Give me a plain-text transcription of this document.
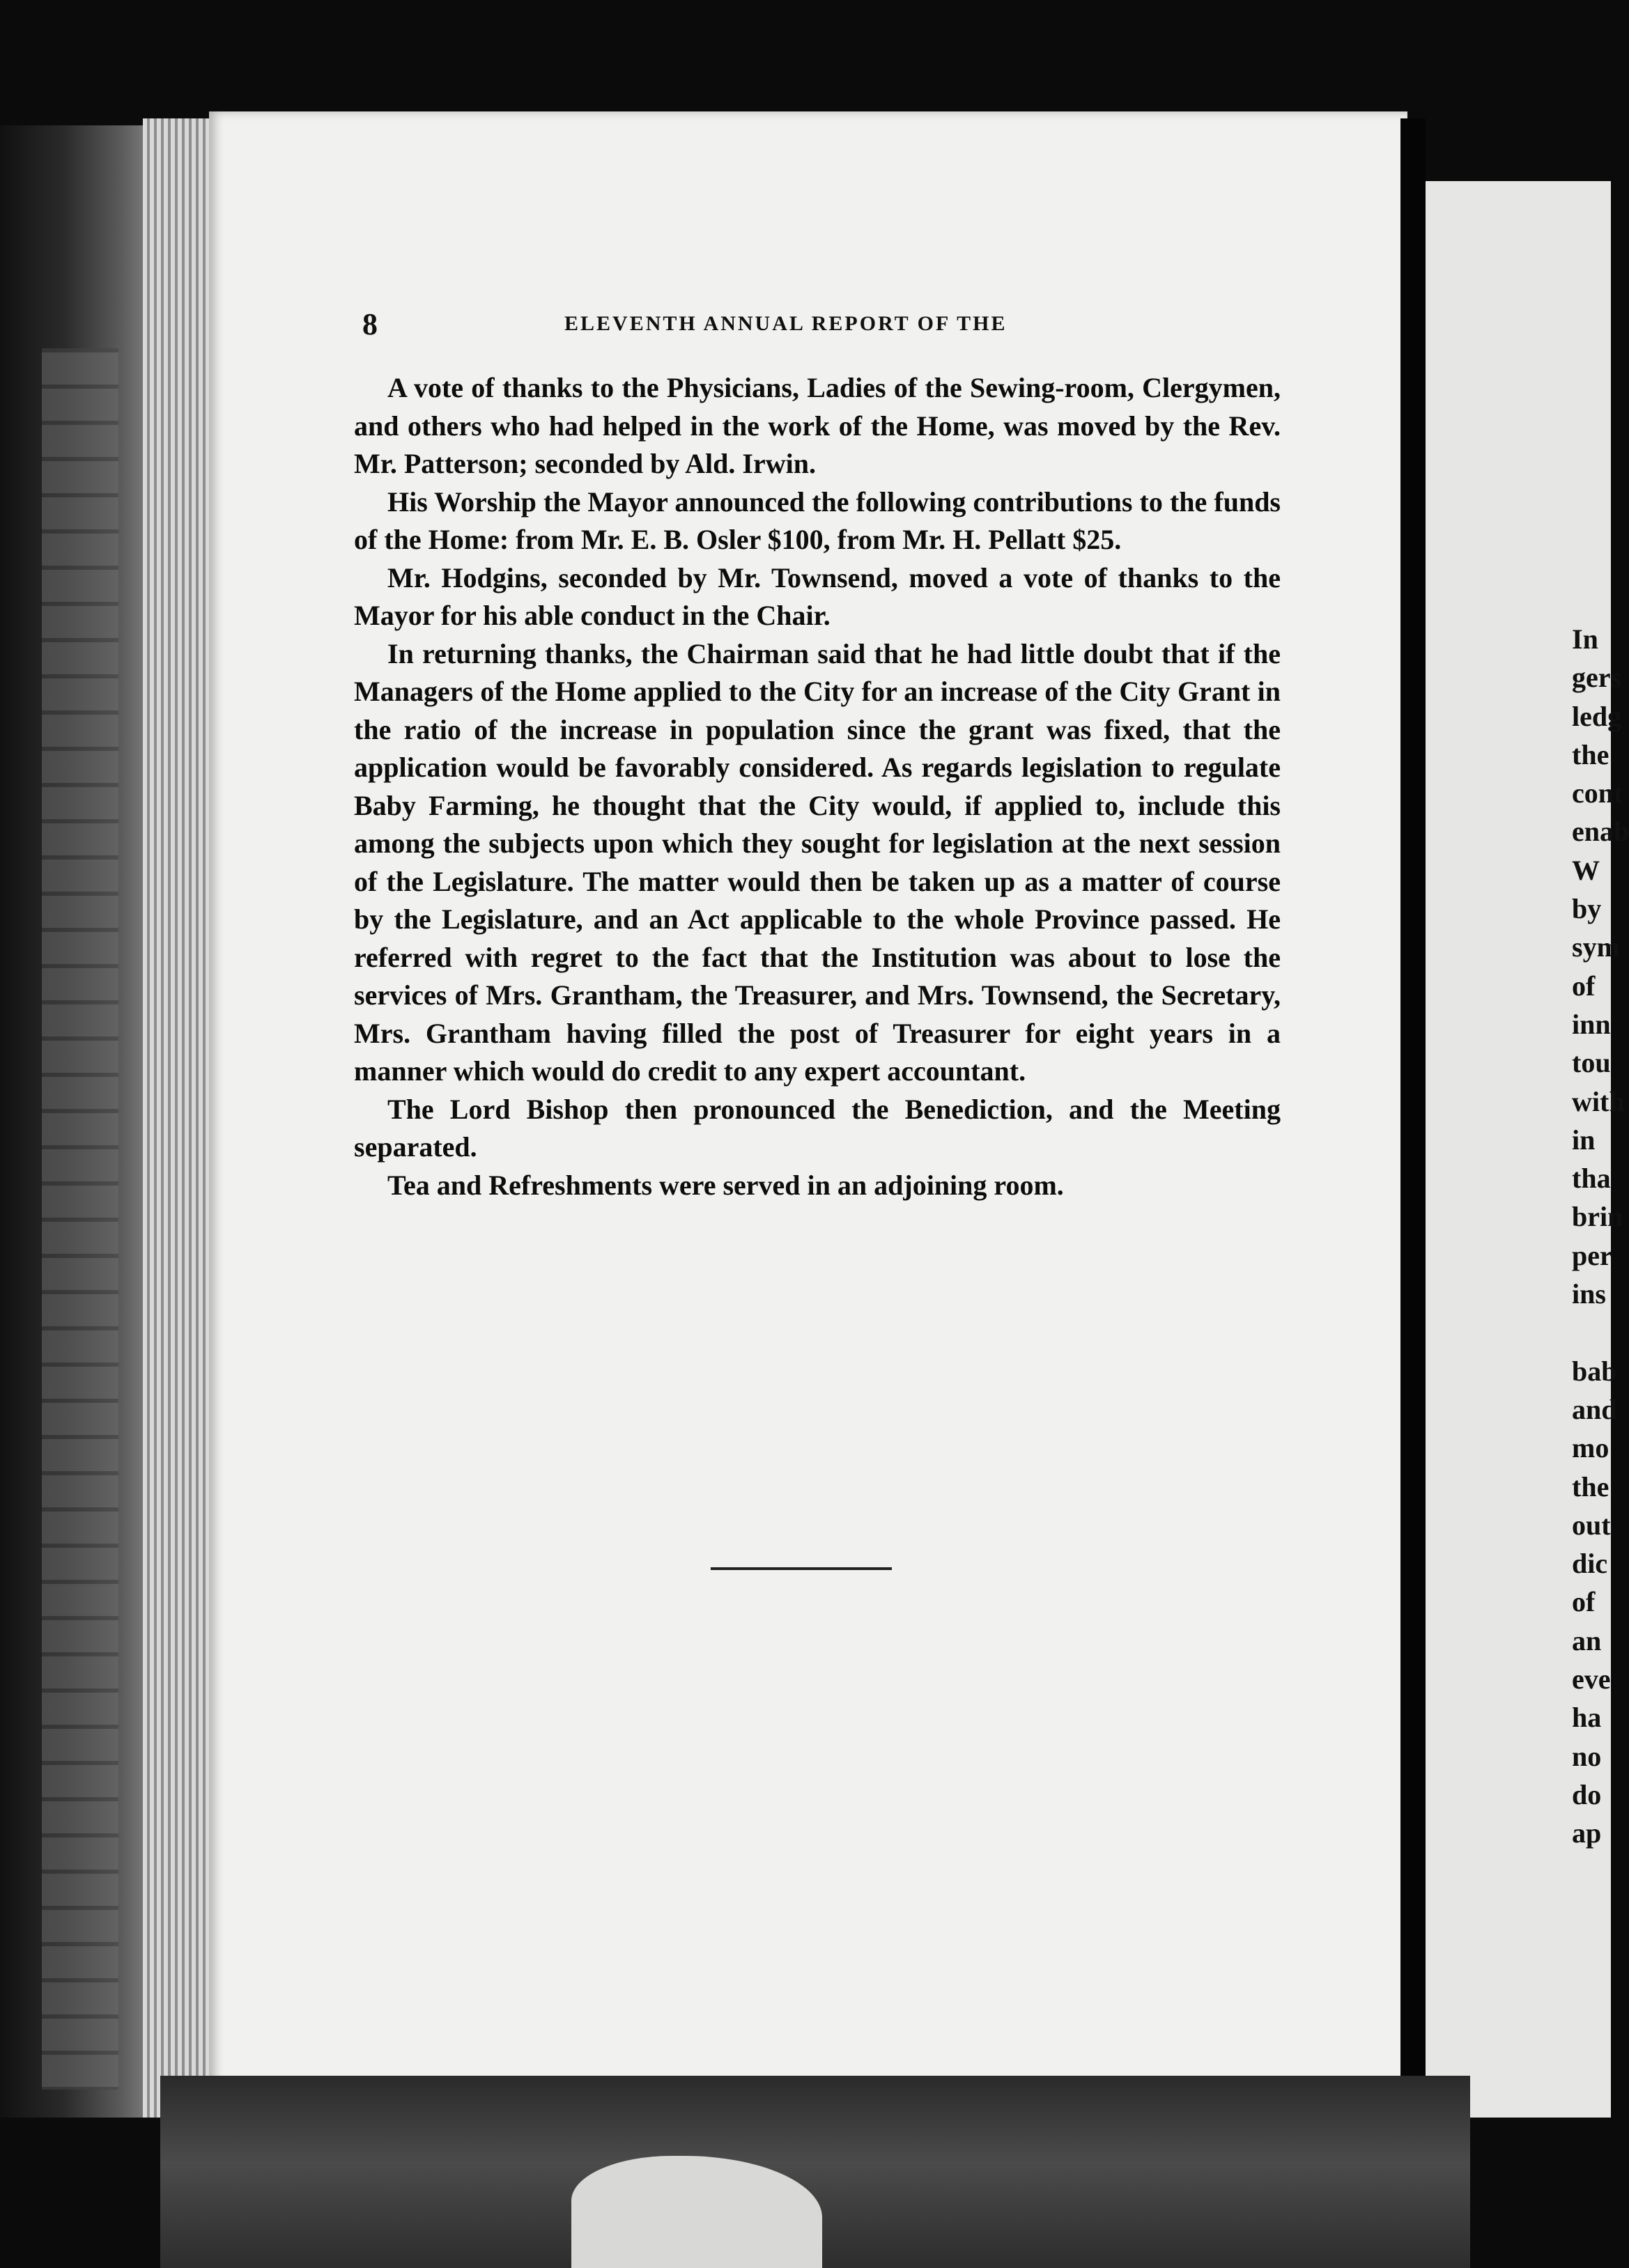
8	ELEVENTH ANNUAL REPORT OF THE

A vote of thanks to the Physicians, Ladies of the Sewing-room, Clergymen, and others who had helped in the work of the Home, was moved by the Rev. Mr. Patterson; seconded by Ald. Irwin.

His Worship the Mayor announced the following contributions to the funds of the Home: from Mr. E. B. Osler $100, from Mr. H. Pellatt $25.

Mr. Hodgins, seconded by Mr. Townsend, moved a vote of thanks to the Mayor for his able conduct in the Chair.

In returning thanks, the Chairman said that he had little doubt that if the Managers of the Home applied to the City for an increase of the City Grant in the ratio of the increase in population since the grant was fixed, that the application would be favorably considered. As regards legislation to regulate Baby Farming, he thought that the City would, if applied to, include this among the subjects upon which they sought for legislation at the next session of the Legislature. The matter would then be taken up as a matter of course by the Legislature, and an Act applicable to the whole Province passed. He referred with regret to the fact that the Institution was about to lose the services of Mrs. Grantham, the Treasurer, and Mrs. Townsend, the Secretary, Mrs. Grantham having filled the post of Treasurer for eight years in a manner which would do credit to any expert accountant.

The Lord Bishop then pronounced the Benediction, and the Meeting separated.

Tea and Refreshments were served in an adjoining room.

In
gers
ledg
the
cont
enab
W
by
sym
of
inn
tou
with
in
tha
brin
per
ins
bab
and
mo
the
out
dic
of
an
eve
ha
no
do
ap
